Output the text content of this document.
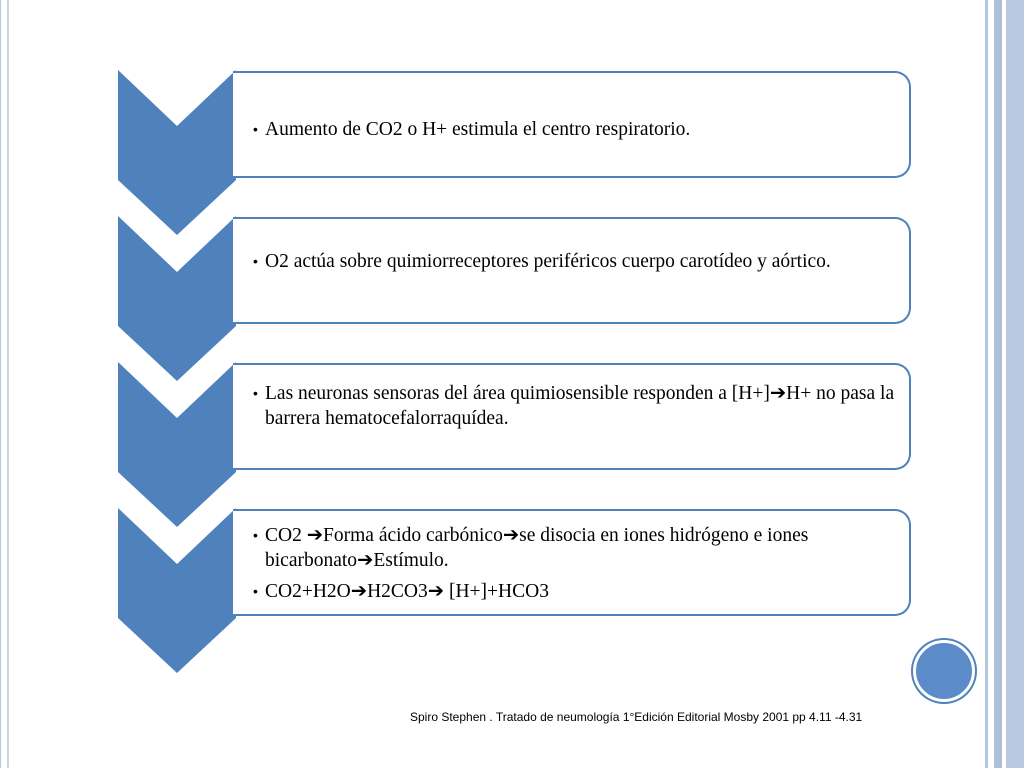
• Aumento de CO2 o H+ estimula el centro respiratorio.
• O2 actúa sobre quimiorreceptores periféricos cuerpo carotídeo y aórtico.
• Las neuronas sensoras del área quimiosensible responden a [H+]➔H+ no pasa la barrera hematocefalorraquídea.
• CO2 ➔Forma ácido carbónico➔se disocia en iones hidrógeno e iones bicarbonato➔Estímulo.
• CO2+H2O➔H2CO3➔ [H+]+HCO3
Spiro Stephen . Tratado de neumología 1°Edición Editorial Mosby 2001 pp 4.11 -4.31
